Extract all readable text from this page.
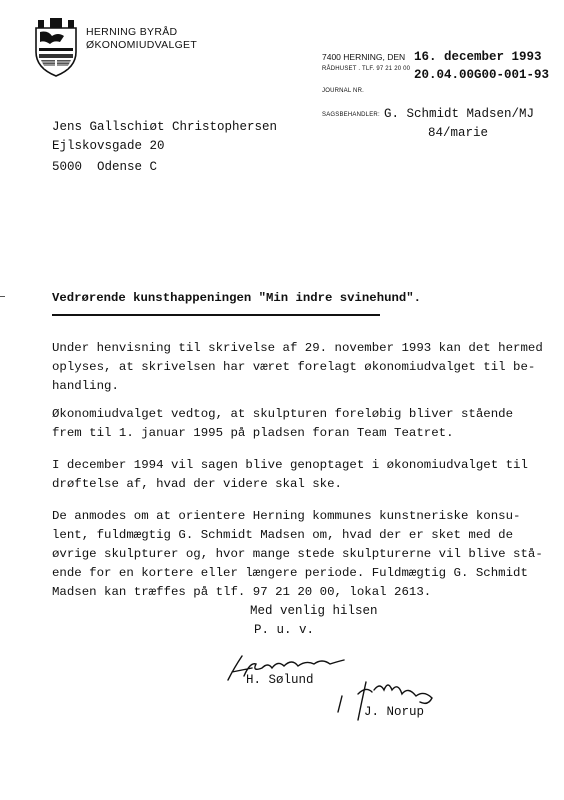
HERNING BYRÅD
ØKONOMIUDVALGET
7400 HERNING, DEN 16. december 1993
RÅDHUSET . TLF. 97 21 20 00 20.04.00G00-001-93
JOURNAL NR.
SAGSBEHANDLER: G. Schmidt Madsen/MJ
84/marie
Jens Gallschiøt Christophersen
Ejlskovsgade 20
5000  Odense C
Vedrørende kunsthappeningen "Min indre svinehund".
Under henvisning til skrivelse af 29. november 1993 kan det hermed
oplyses, at skrivelsen har været forelagt økonomiudvalget til be-
handling.
Økonomiudvalget vedtog, at skulpturen foreløbig bliver stående
frem til 1. januar 1995 på pladsen foran Team Teatret.
I december 1994 vil sagen blive genoptaget i økonomiudvalget til
drøftelse af, hvad der videre skal ske.
De anmodes om at orientere Herning kommunes kunstneriske konsu-
lent, fuldmægtig G. Schmidt Madsen om, hvad der er sket med de
øvrige skulpturer og, hvor mange stede skulpturerne vil blive stå-
ende for en kortere eller længere periode. Fuldmægtig G. Schmidt
Madsen kan træffes på tlf. 97 21 20 00, lokal 2613.
Med venlig hilsen
P. u. v.
H. Sølund
J. Norup
